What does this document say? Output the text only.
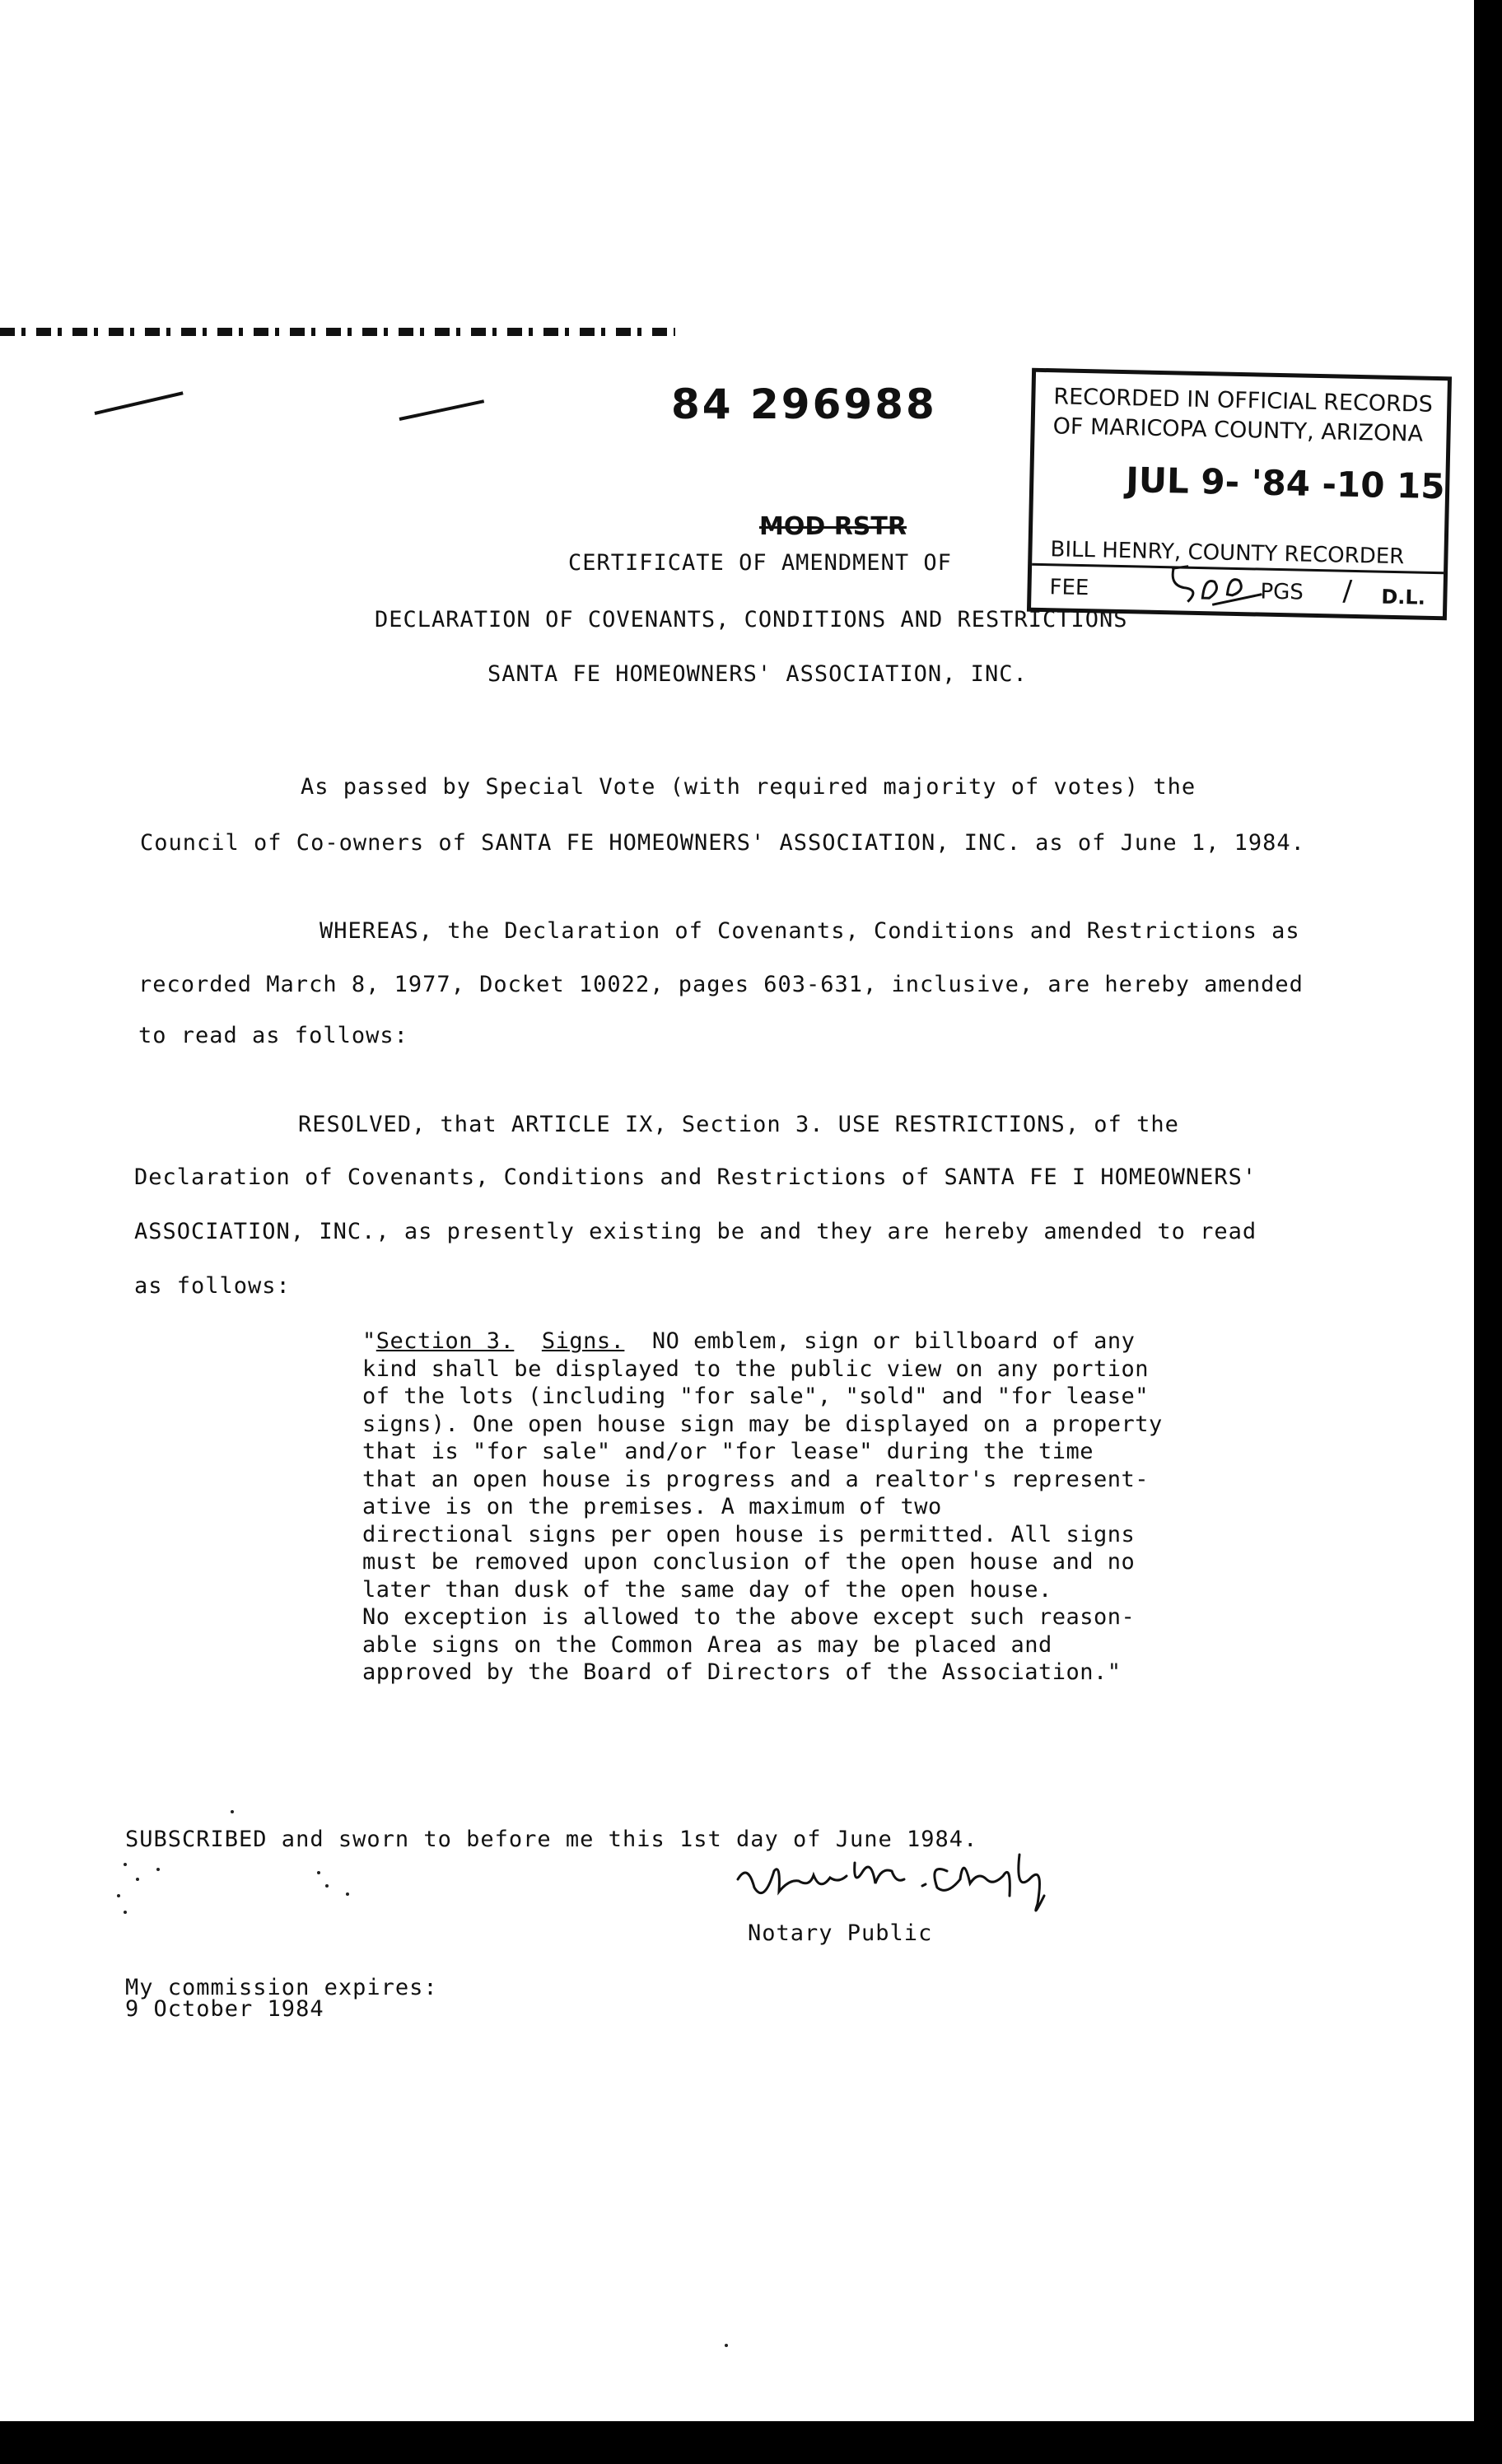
84 296988	RECORDED IN OFFICIAL RECORDS
OF MARICOPA COUNTY, ARIZONA
JUL 9- '84 -10 15
BILL HENRY, COUNTY RECORDER
FEE	PGS / D.L.
MOD RSTR
CERTIFICATE OF AMENDMENT OF
DECLARATION OF COVENANTS, CONDITIONS AND RESTRICTIONS
SANTA FE HOMEOWNERS' ASSOCIATION, INC.
As passed by Special Vote (with required majority of votes) the
Council of Co-owners of SANTA FE HOMEOWNERS' ASSOCIATION, INC. as of June 1, 1984.
WHEREAS, the Declaration of Covenants, Conditions and Restrictions as
recorded March 8, 1977, Docket 10022, pages 603-631, inclusive, are hereby amended
to read as follows:
RESOLVED, that ARTICLE IX, Section 3. USE RESTRICTIONS, of the
Declaration of Covenants, Conditions and Restrictions of SANTA FE I HOMEOWNERS'
ASSOCIATION, INC., as presently existing be and they are hereby amended to read
as follows:
"Section 3. Signs. NO emblem, sign or billboard of any
kind shall be displayed to the public view on any portion
of the lots (including "for sale", "sold" and "for lease"
signs). One open house sign may be displayed on a property
that is "for sale" and/or "for lease" during the time
that an open house is progress and a realtor's represent-
ative is on the premises. A maximum of two
directional signs per open house is permitted. All signs
must be removed upon conclusion of the open house and no
later than dusk of the same day of the open house.
No exception is allowed to the above except such reason-
able signs on the Common Area as may be placed and
approved by the Board of Directors of the Association."
SUBSCRIBED and sworn to before me this 1st day of June 1984.
Notary Public
My commission expires:
9 October 1984
